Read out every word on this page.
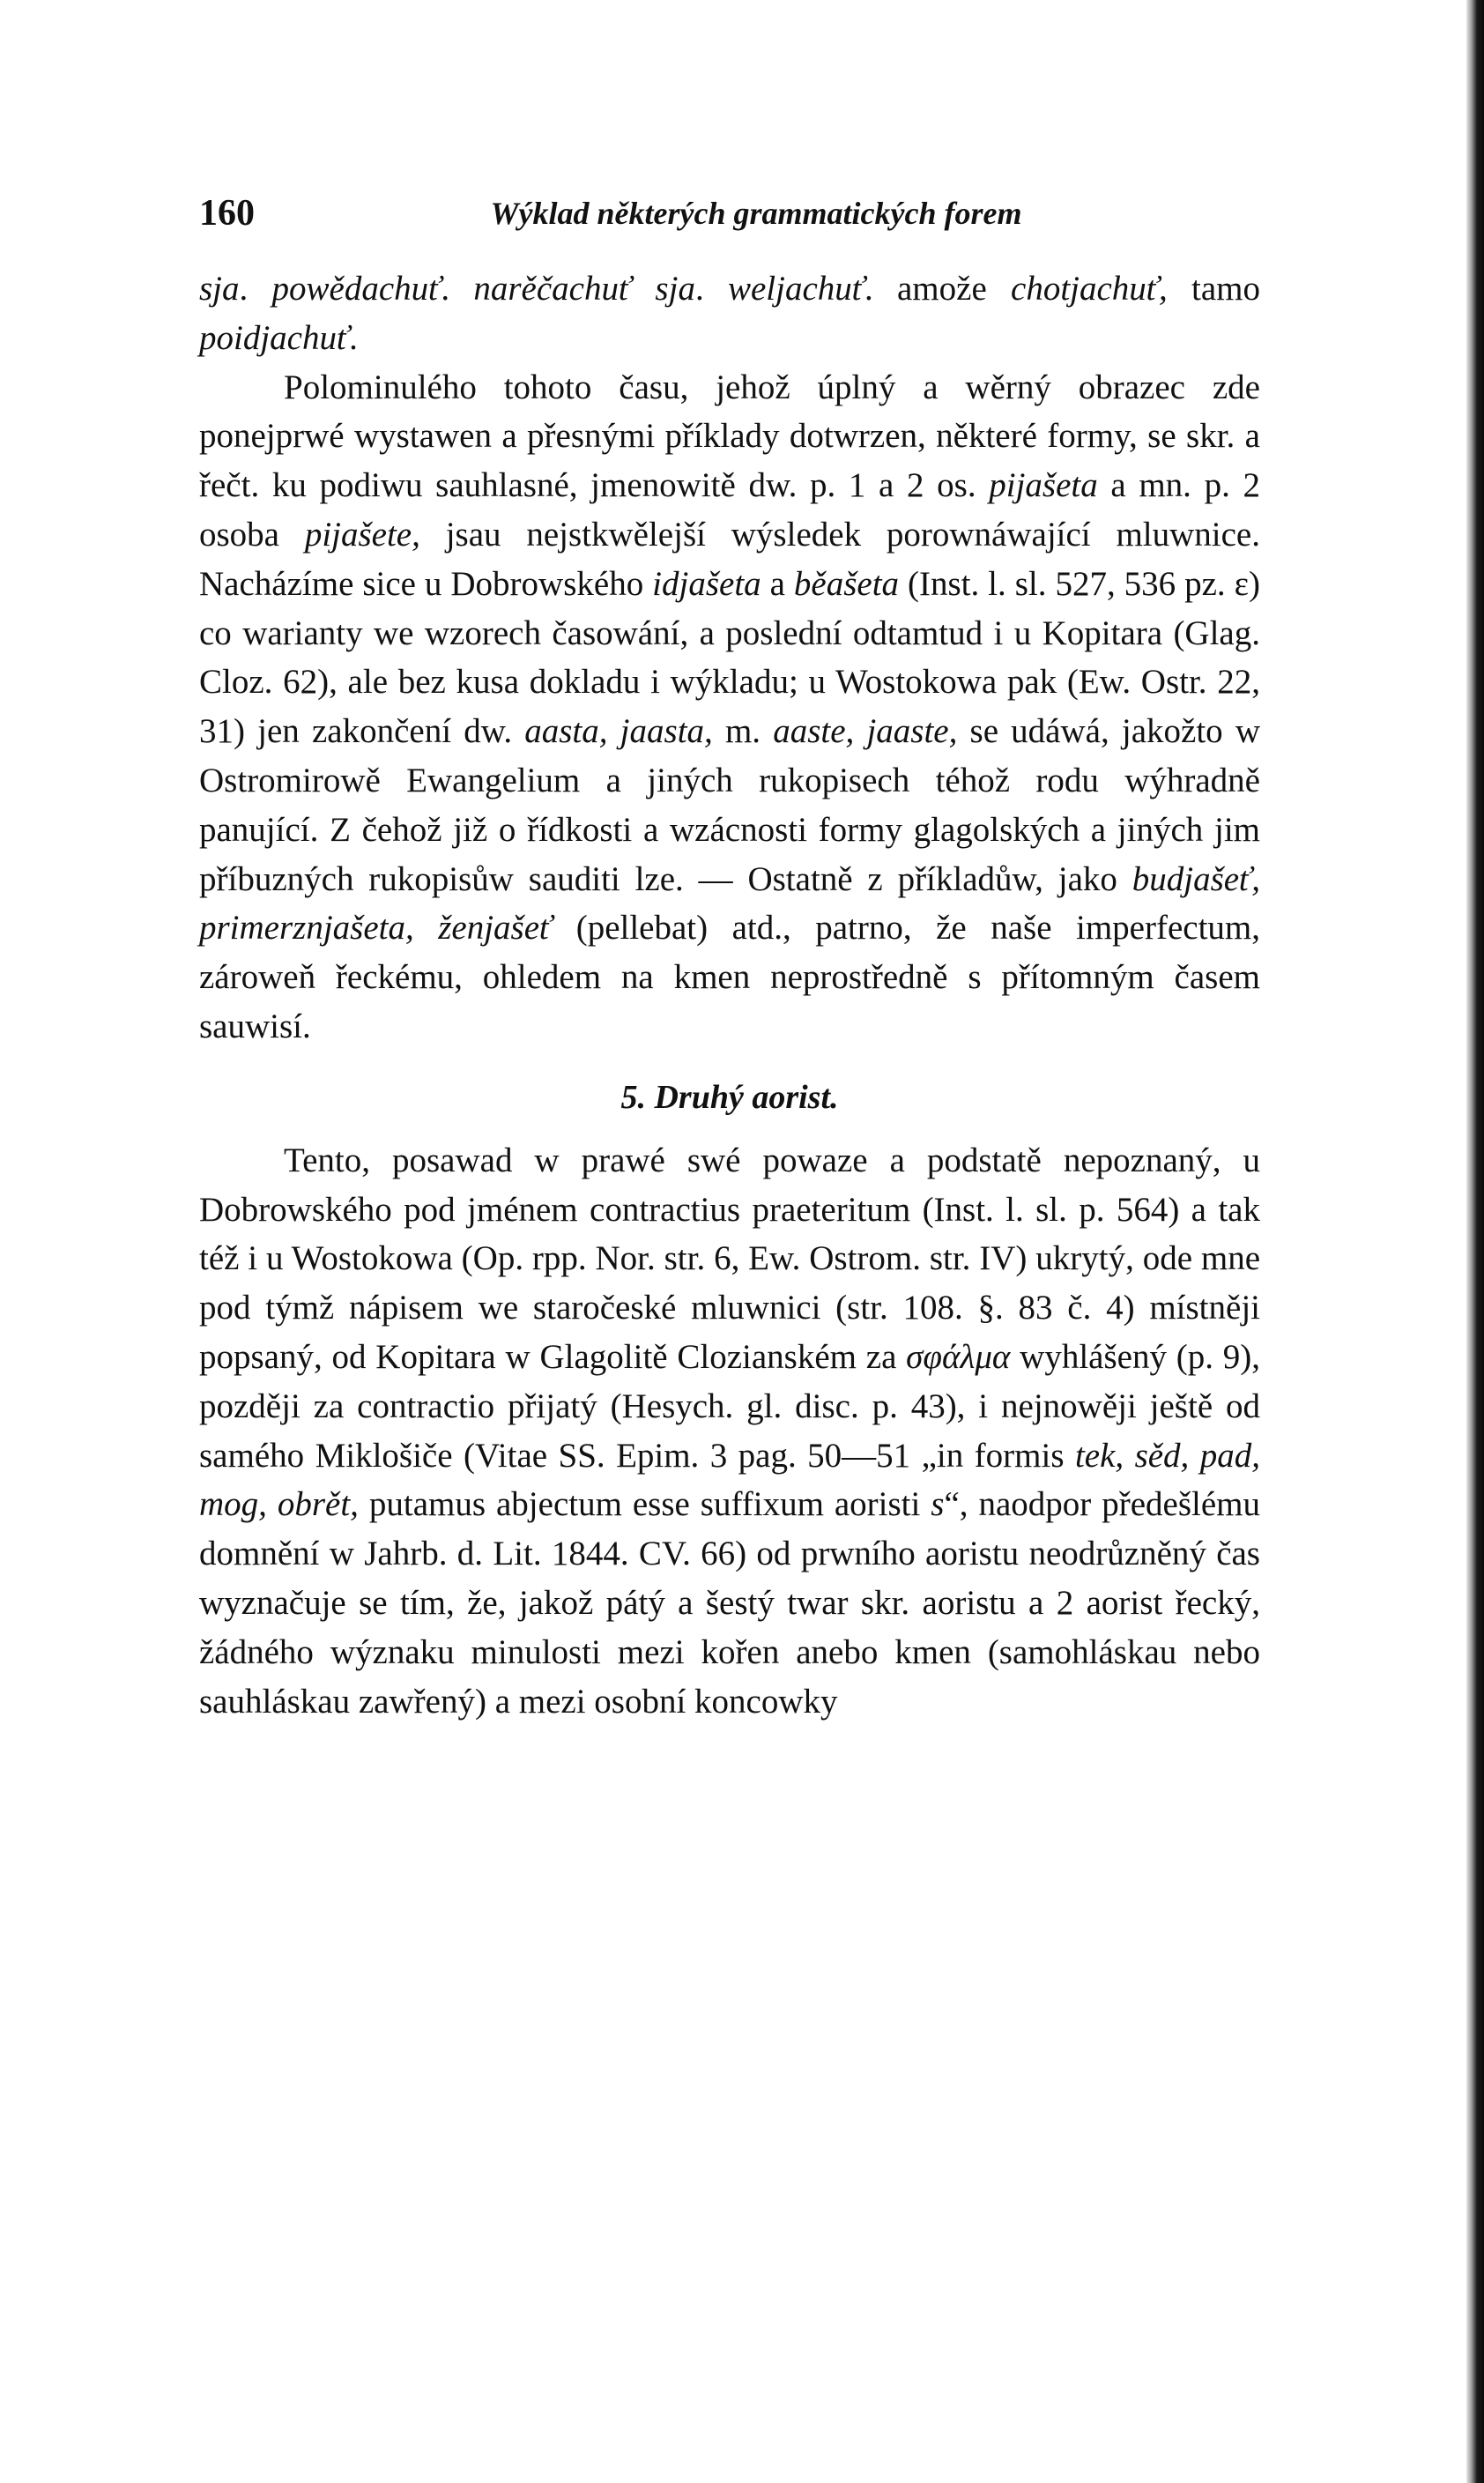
160	Wýklad některých grammatických forem

sja. powědachuť. narěčachuť sja. weljachuť. amože chotjachuť, tamo poidjachuť.

Polominulého tohoto času, jehož úplný a wěrný obrazec zde ponejprwé wystawen a přesnými příklady dotwrzen, některé formy, se skr. a řečt. ku podiwu sauhlasné, jmenowitě dw. p. 1 a 2 os. pijašeta a mn. p. 2 osoba pijašete, jsau nejstkwělejší wýsledek porownáwající mluwnice. Nacházíme sice u Dobrowského idjašeta a běašeta (Inst. l. sl. 527, 536 pz. ε) co warianty we wzorech časowání, a poslední odtamtud i u Kopitara (Glag. Cloz. 62), ale bez kusa dokladu i wýkladu; u Wostokowa pak (Ew. Ostr. 22, 31) jen zakončení dw. aasta, jaasta, m. aaste, jaaste, se udáwá, jakožto w Ostromirowě Ewangelium a jiných rukopisech téhož rodu wýhradně panující. Z čehož již o řídkosti a wzácnosti formy glagolských a jiných jim příbuzných rukopisůw sauditi lze. — Ostatně z příkladůw, jako budjašeť, primerznjašeta, ženjašeť (pellebat) atd., patrno, že naše imperfectum, zároweň řeckému, ohledem na kmen neprostředně s přítomným časem sauwisí.

5. Druhý aorist.

Tento, posawad w prawé swé powaze a podstatě nepoznaný, u Dobrowského pod jménem contractius praeteritum (Inst. l. sl. p. 564) a tak též i u Wostokowa (Op. rpp. Nor. str. 6, Ew. Ostrom. str. IV) ukrytý, ode mne pod týmž nápisem we staročeské mluwnici (str. 108. §. 83 č. 4) místněji popsaný, od Kopitara w Glagolitě Clozianském za σφάλμα wyhlášený (p. 9), později za contractio přijatý (Hesych. gl. disc. p. 43), i nejnowěji ještě od samého Miklošiče (Vitae SS. Epim. 3 pag. 50—51 „in formis tek, sěd, pad, mog, obrět, putamus abjectum esse suffixum aoristi s“, naodpor předešlému domnění w Jahrb. d. Lit. 1844. CV. 66) od prwního aoristu neodrůzněný čas wyznačuje se tím, že, jakož pátý a šestý twar skr. aoristu a 2 aorist řecký, žádného wýznaku minulosti mezi kořen anebo kmen (samohláskau nebo sauhláskau zawřený) a mezi osobní koncowky
